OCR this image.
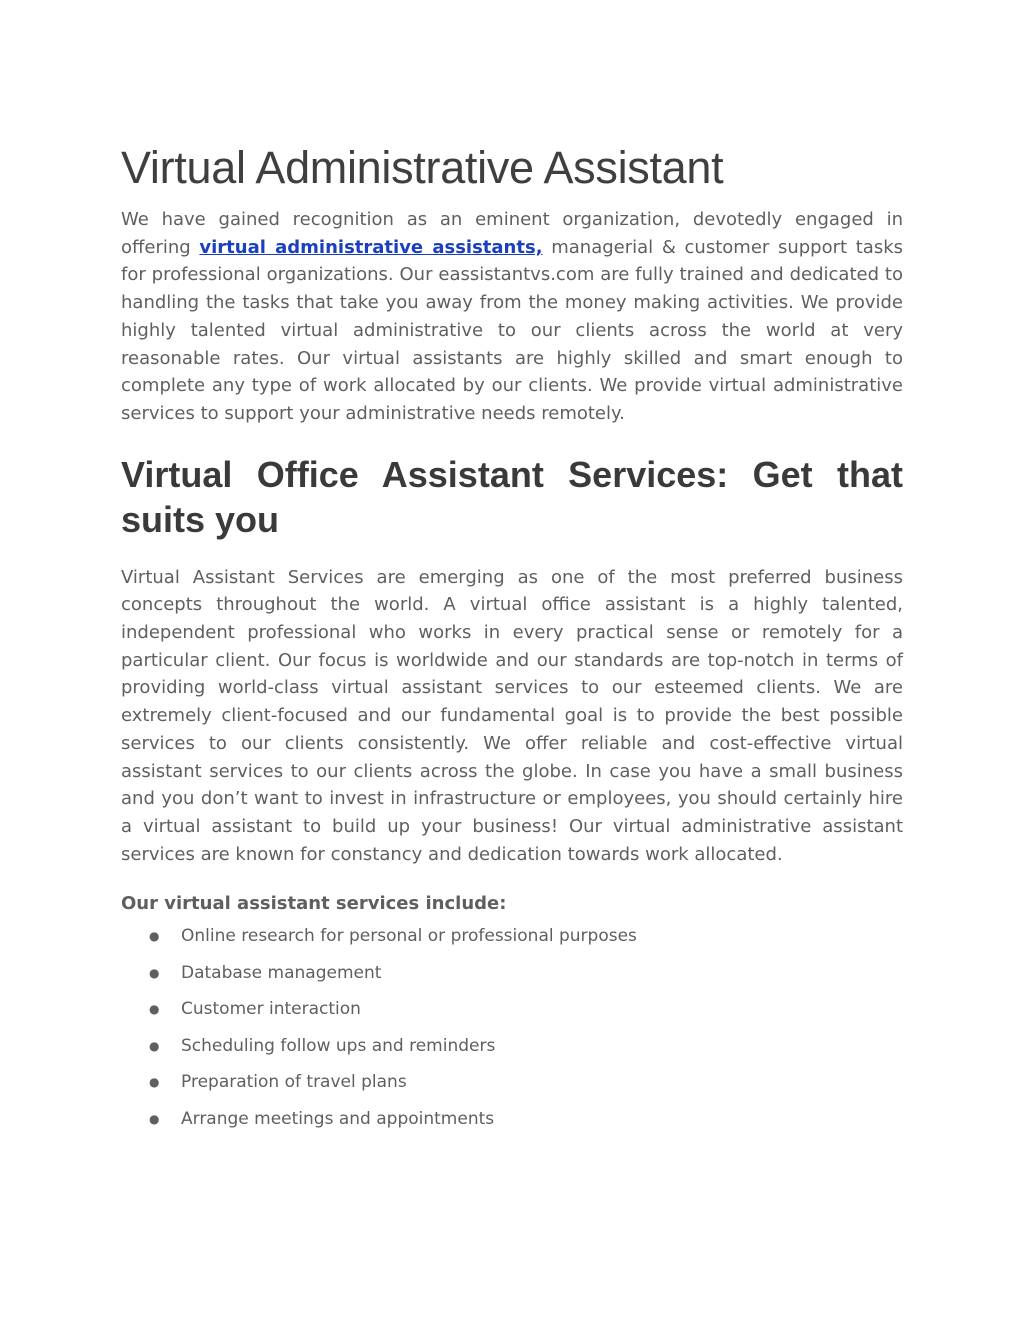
Virtual Administrative Assistant

We have gained recognition as an eminent organization, devotedly engaged in offering virtual administrative assistants, managerial & customer support tasks for professional organizations. Our eassistantvs.com are fully trained and dedicated to handling the tasks that take you away from the money making activities. We provide highly talented virtual administrative to our clients across the world at very reasonable rates. Our virtual assistants are highly skilled and smart enough to complete any type of work allocated by our clients. We provide virtual administrative services to support your administrative needs remotely.

Virtual Office Assistant Services: Get that suits you

Virtual Assistant Services are emerging as one of the most preferred business concepts throughout the world. A virtual office assistant is a highly talented, independent professional who works in every practical sense or remotely for a particular client. Our focus is worldwide and our standards are top-notch in terms of providing world-class virtual assistant services to our esteemed clients. We are extremely client-focused and our fundamental goal is to provide the best possible services to our clients consistently. We offer reliable and cost-effective virtual assistant services to our clients across the globe. In case you have a small business and you don’t want to invest in infrastructure or employees, you should certainly hire a virtual assistant to build up your business! Our virtual administrative assistant services are known for constancy and dedication towards work allocated.

Our virtual assistant services include:
● Online research for personal or professional purposes
● Database management
● Customer interaction
● Scheduling follow ups and reminders
● Preparation of travel plans
● Arrange meetings and appointments
